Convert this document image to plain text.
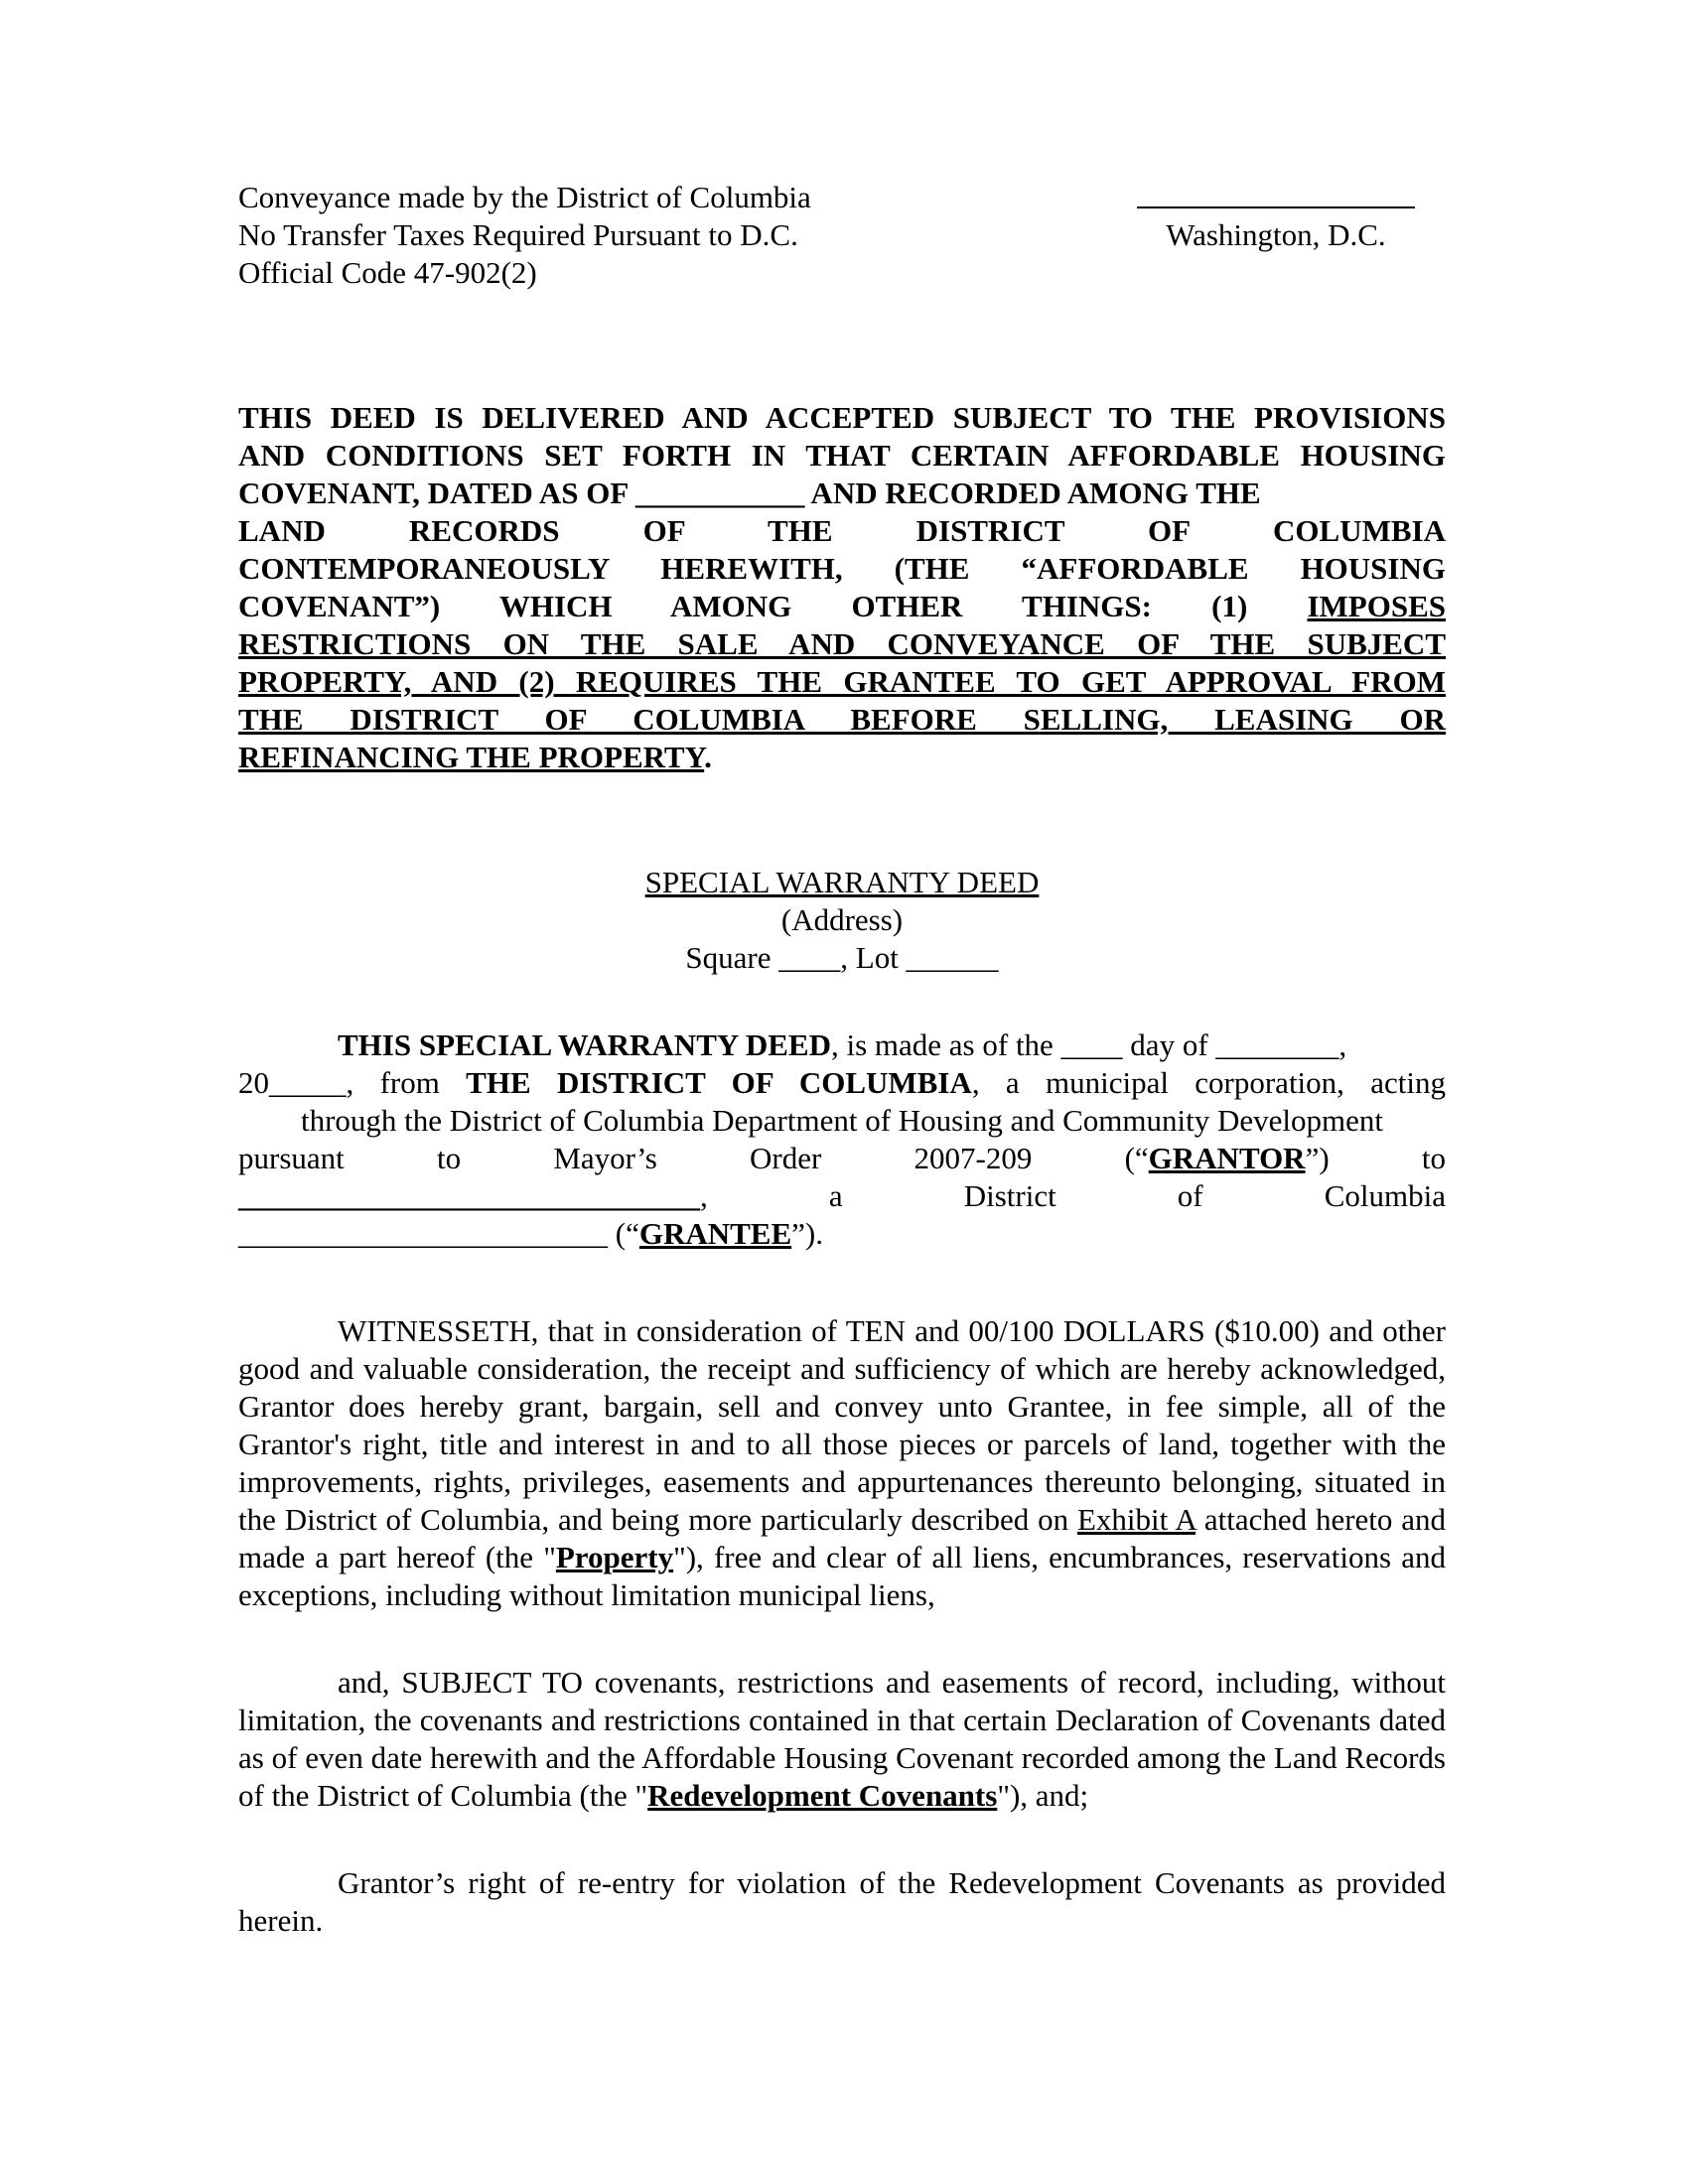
Conveyance made by the District of Columbia
No Transfer Taxes Required Pursuant to D.C.
Official Code 47-902(2)
Washington, D.C.
THIS DEED IS DELIVERED AND ACCEPTED SUBJECT TO THE PROVISIONS
AND CONDITIONS SET FORTH IN THAT CERTAIN AFFORDABLE HOUSING
COVENANT, DATED AS OF ___________ AND RECORDED AMONG THE
LAND RECORDS OF THE DISTRICT OF COLUMBIA
CONTEMPORANEOUSLY HEREWITH, (THE “AFFORDABLE HOUSING
COVENANT”) WHICH AMONG OTHER THINGS: (1) IMPOSES
RESTRICTIONS ON THE SALE AND CONVEYANCE OF THE SUBJECT
PROPERTY, AND (2) REQUIRES THE GRANTEE TO GET APPROVAL FROM
THE DISTRICT OF COLUMBIA BEFORE SELLING, LEASING OR
REFINANCING THE PROPERTY.
SPECIAL WARRANTY DEED
(Address)
Square ____, Lot ______
THIS SPECIAL WARRANTY DEED, is made as of the ____ day of ________,
20_____, from THE DISTRICT OF COLUMBIA, a municipal corporation, acting
through the District of Columbia Department of Housing and Community Development
pursuant to Mayor’s Order 2007-209 (“GRANTOR”) to
______________________________, a District of Columbia
________________________ (“GRANTEE”).
WITNESSETH, that in consideration of TEN and 00/100 DOLLARS ($10.00) and other good and valuable consideration, the receipt and sufficiency of which are hereby acknowledged, Grantor does hereby grant, bargain, sell and convey unto Grantee, in fee simple, all of the Grantor's right, title and interest in and to all those pieces or parcels of land, together with the improvements, rights, privileges, easements and appurtenances thereunto belonging, situated in the District of Columbia, and being more particularly described on Exhibit A attached hereto and made a part hereof (the "Property"), free and clear of all liens, encumbrances, reservations and exceptions, including without limitation municipal liens,
and, SUBJECT TO covenants, restrictions and easements of record, including, without limitation, the covenants and restrictions contained in that certain Declaration of Covenants dated as of even date herewith and the Affordable Housing Covenant recorded among the Land Records of the District of Columbia (the "Redevelopment Covenants"), and;
Grantor’s right of re-entry for violation of the Redevelopment Covenants as provided herein.
